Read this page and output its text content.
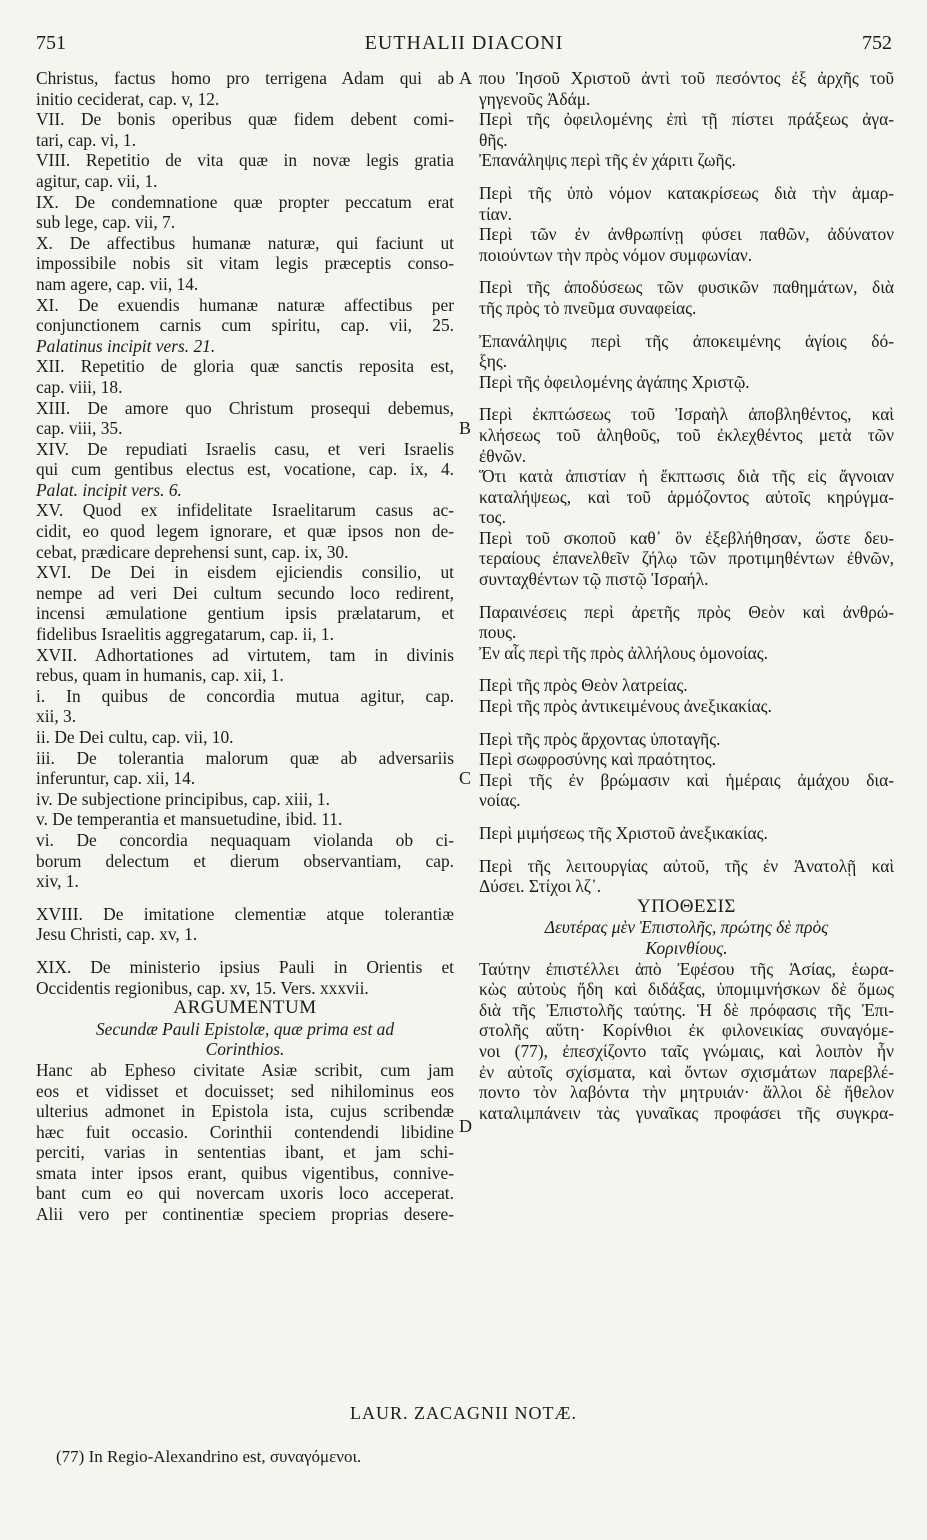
751	EUTHALII DIACONI	752
Christus, factus homo pro terrigena Adam qui ab
initio ceciderat, cap. v, 12.
VII. De bonis operibus quæ fidem debent comi-
tari, cap. vi, 1.
VIII. Repetitio de vita quæ in novæ legis gratia
agitur, cap. vii, 1.
IX. De condemnatione quæ propter peccatum erat
sub lege, cap. vii, 7.
X. De affectibus humanæ naturæ, qui faciunt ut
impossibile nobis sit vitam legis præceptis conso-
nam agere, cap. vii, 14.
XI. De exuendis humanæ naturæ affectibus per
conjunctionem carnis cum spiritu, cap. vii, 25.
Palatinus incipit vers. 21.
XII. Repetitio de gloria quæ sanctis reposita est,
cap. viii, 18.
XIII. De amore quo Christum prosequi debemus,
cap. viii, 35.
XIV. De repudiati Israelis casu, et veri Israelis
qui cum gentibus electus est, vocatione, cap. ix, 4.
Palat. incipit vers. 6.
XV. Quod ex infidelitate Israelitarum casus ac-
cidit, eo quod legem ignorare, et quæ ipsos non de-
cebat, prædicare deprehensi sunt, cap. ix, 30.
XVI. De Dei in eisdem ejiciendis consilio, ut
nempe ad veri Dei cultum secundo loco redirent,
incensi æmulatione gentium ipsis prælatarum, et
fidelibus Israelitis aggregatarum, cap. ii, 1.
XVII. Adhortationes ad virtutem, tam in divinis
rebus, quam in humanis, cap. xii, 1.
i. In quibus de concordia mutua agitur, cap.
xii, 3.
ii. De Dei cultu, cap. vii, 10.
iii. De tolerantia malorum quæ ab adversariis
inferuntur, cap. xii, 14.
iv. De subjectione principibus, cap. xiii, 1.
v. De temperantia et mansuetudine, ibid. 11.
vi. De concordia nequaquam violanda ob ci-
borum delectum et dierum observantiam, cap.
xiv, 1.
XVIII. De imitatione clementiæ atque tolerantiæ
Jesu Christi, cap. xv, 1.
XIX. De ministerio ipsius Pauli in Orientis et
Occidentis regionibus, cap. xv, 15. Vers. xxxvii.
ARGUMENTUM
Secundæ Pauli Epistolæ, quæ prima est ad
Corinthios.
Hanc ab Epheso civitate Asiæ scribit, cum jam
eos et vidisset et docuisset; sed nihilominus eos
ulterius admonet in Epistola ista, cujus scribendæ
hæc fuit occasio. Corinthii contendendi libidine
perciti, varias in sententias ibant, et jam schi-
smata inter ipsos erant, quibus vigentibus, connive-
bant cum eo qui novercam uxoris loco acceperat.
Alii vero per continentiæ speciem proprias desere-
A
B
C
D
που Ἰησοῦ Χριστοῦ ἀντὶ τοῦ πεσόντος ἐξ ἀρχῆς τοῦ
γηγενοῦς Ἀδάμ.
Περὶ τῆς ὀφειλομένης ἐπὶ τῇ πίστει πράξεως ἀγα-
θῆς.
Ἐπανάληψις περὶ τῆς ἐν χάριτι ζωῆς.
Περὶ τῆς ὑπὸ νόμον κατακρίσεως διὰ τὴν ἁμαρ-
τίαν.
Περὶ τῶν ἐν ἀνθρωπίνῃ φύσει παθῶν, ἀδύνατον
ποιούντων τὴν πρὸς νόμον συμφωνίαν.
Περὶ τῆς ἀποδύσεως τῶν φυσικῶν παθημάτων, διὰ
τῆς πρὸς τὸ πνεῦμα συναφείας.
Ἐπανάληψις περὶ τῆς ἀποκειμένης ἁγίοις δό-
ξης.
Περὶ τῆς ὀφειλομένης ἀγάπης Χριστῷ.
Περὶ ἐκπτώσεως τοῦ Ἰσραὴλ ἀποβληθέντος, καὶ
κλήσεως τοῦ ἀληθοῦς, τοῦ ἐκλεχθέντος μετὰ τῶν
ἐθνῶν.
Ὅτι κατὰ ἀπιστίαν ἡ ἔκπτωσις διὰ τῆς εἰς ἄγνοιαν
καταλήψεως, καὶ τοῦ ἁρμόζοντος αὐτοῖς κηρύγμα-
τος.
Περὶ τοῦ σκοποῦ καθ᾽ ὃν ἐξεβλήθησαν, ὥστε δευ-
τεραίους ἐπανελθεῖν ζήλῳ τῶν προτιμηθέντων ἐθνῶν,
συνταχθέντων τῷ πιστῷ Ἰσραήλ.
Παραινέσεις περὶ ἀρετῆς πρὸς Θεὸν καὶ ἀνθρώ-
πους.
Ἐν αἷς περὶ τῆς πρὸς ἀλλήλους ὁμονοίας.
Περὶ τῆς πρὸς Θεὸν λατρείας.
Περὶ τῆς πρὸς ἀντικειμένους ἀνεξικακίας.
Περὶ τῆς πρὸς ἄρχοντας ὑποταγῆς.
Περὶ σωφροσύνης καὶ πραότητος.
Περὶ τῆς ἐν βρώμασιν καὶ ἡμέραις ἀμάχου δια-
νοίας.
Περὶ μιμήσεως τῆς Χριστοῦ ἀνεξικακίας.
Περὶ τῆς λειτουργίας αὐτοῦ, τῆς ἐν Ἀνατολῇ καὶ
Δύσει. Στίχοι λζ᾽.
ΥΠΟΘΕΣΙΣ
Δευτέρας μὲν Ἐπιστολῆς, πρώτης δὲ πρὸς
Κορινθίους.
Ταύτην ἐπιστέλλει ἀπὸ Ἐφέσου τῆς Ἀσίας, ἑωρα-
κὼς αὐτοὺς ἤδη καὶ διδάξας, ὑπομιμνήσκων δὲ ὅμως
διὰ τῆς Ἐπιστολῆς ταύτης. Ἡ δὲ πρόφασις τῆς Ἐπι-
στολῆς αὕτη· Κορίνθιοι ἐκ φιλονεικίας συναγόμε-
νοι (77), ἐπεσχίζοντο ταῖς γνώμαις, καὶ λοιπὸν ἦν
ἐν αὐτοῖς σχίσματα, καὶ ὄντων σχισμάτων παρεβλέ-
ποντο τὸν λαβόντα τὴν μητρυιάν· ἄλλοι δὲ ἤθελον
καταλιμπάνειν τὰς γυναῖκας προφάσει τῆς συγκρα-
LAUR. ZACAGNII NOTÆ.
(77) In Regio-Alexandrino est, συναγόμενοι.
